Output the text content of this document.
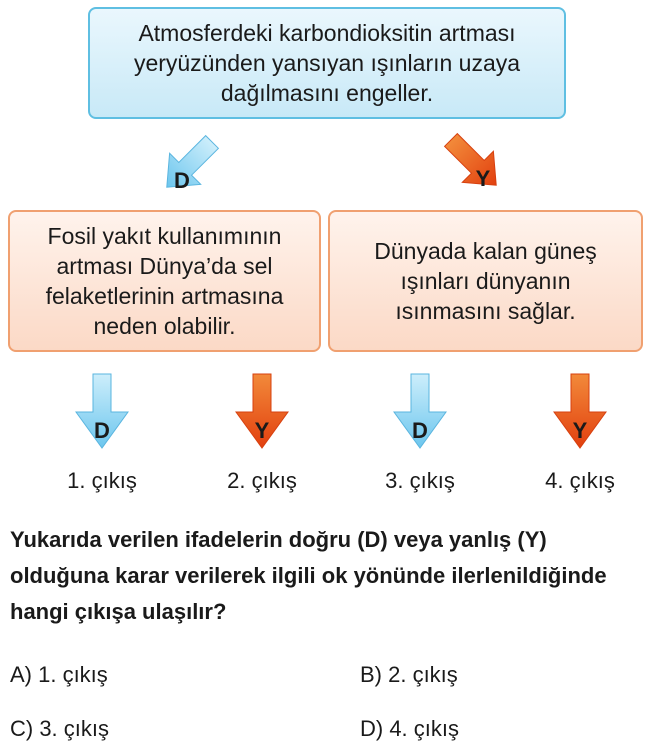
Atmosferdeki karbondioksitin artması yeryüzünden yansıyan ışınların uzaya dağılmasını engeller.
D	Y
Fosil yakıt kullanımının artması Dünya’da sel felaketlerinin artmasına neden olabilir.
Dünyada kalan güneş ışınları dünyanın ısınmasını sağlar.
D	Y	D	Y
1. çıkış	2. çıkış	3. çıkış	4. çıkış
Yukarıda verilen ifadelerin doğru (D) veya yanlış (Y) olduğuna karar verilerek ilgili ok yönünde ilerlenildiğinde hangi çıkışa ulaşılır?
A) 1. çıkış	B) 2. çıkış
C) 3. çıkış	D) 4. çıkış
